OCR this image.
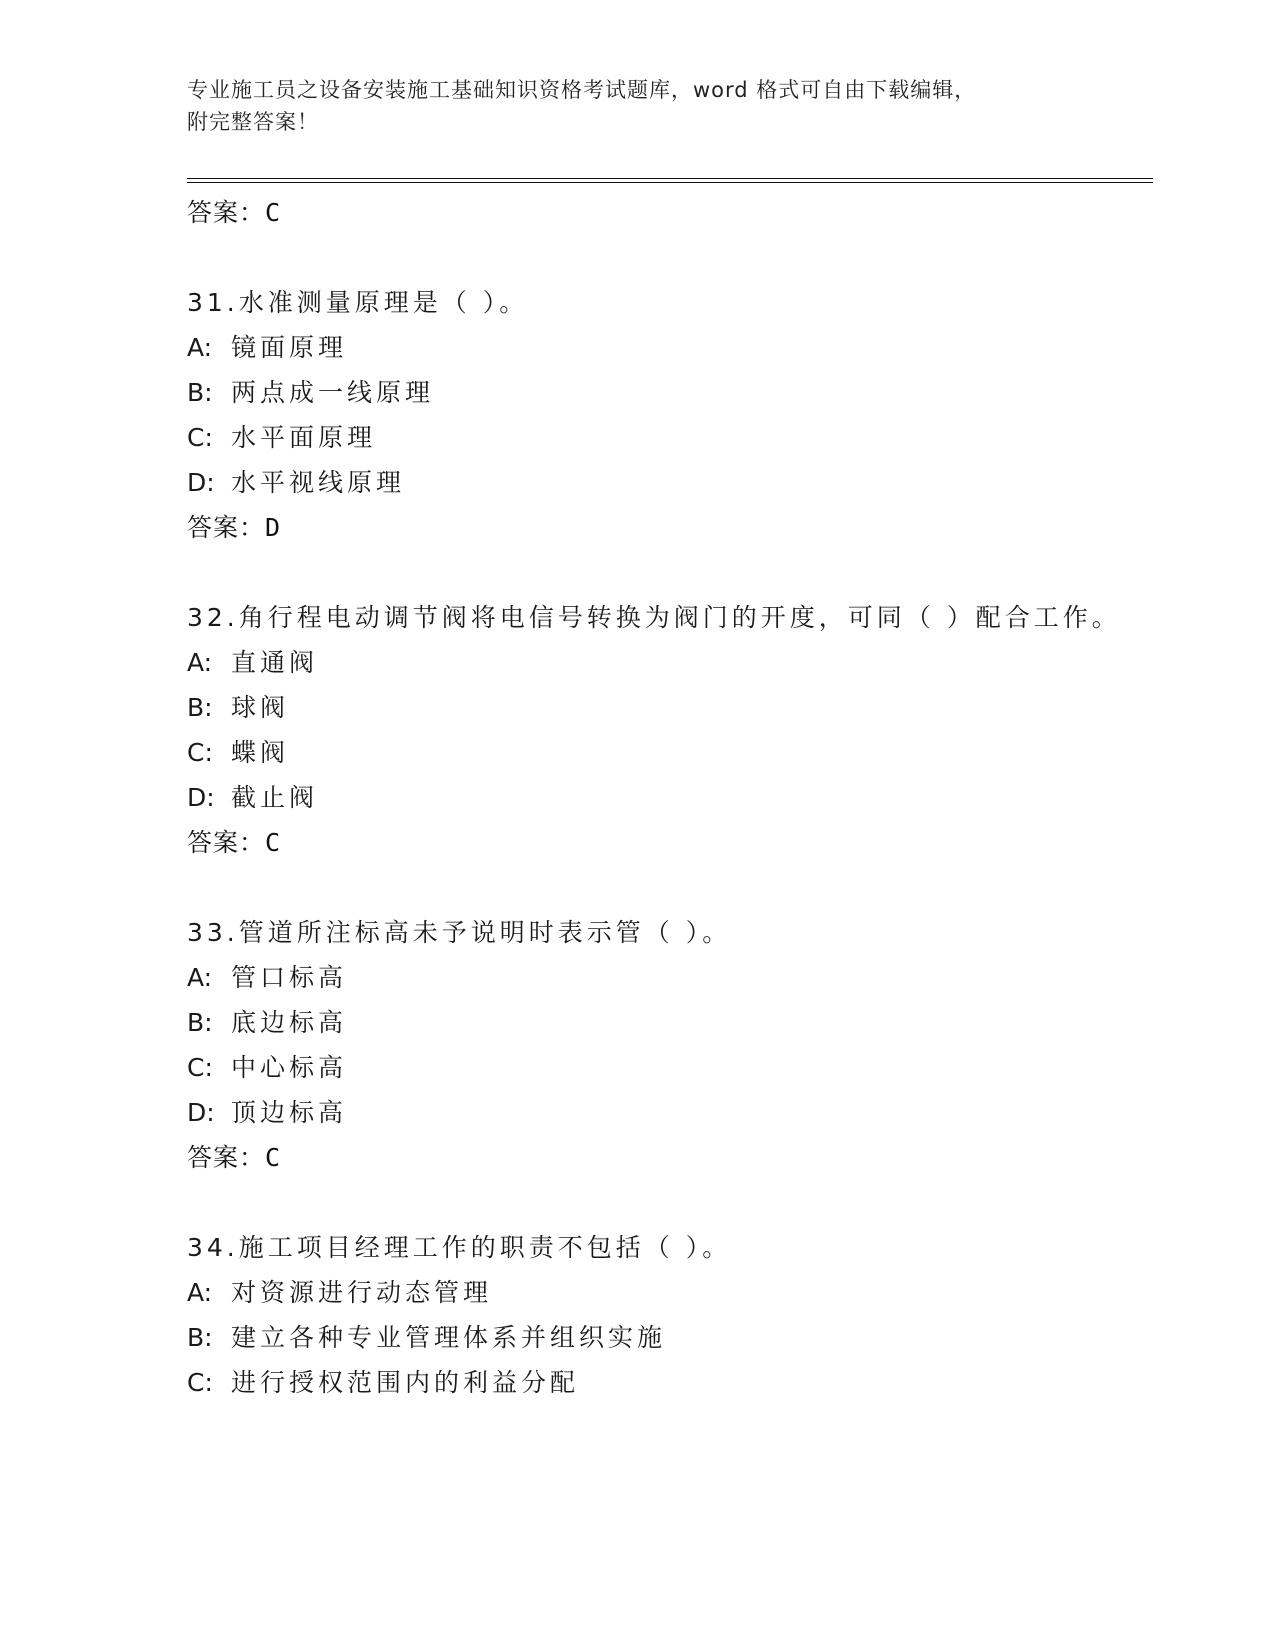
专业施工员之设备安装施工基础知识资格考试题库，word 格式可自由下载编辑，
附完整答案！
答案：C
31.水准测量原理是（ ）。
A: 镜面原理
B: 两点成一线原理
C: 水平面原理
D: 水平视线原理
答案：D
32.角行程电动调节阀将电信号转换为阀门的开度，可同（ ）配合工作。
A: 直通阀
B: 球阀
C: 蝶阀
D: 截止阀
答案：C
33.管道所注标高未予说明时表示管（ ）。
A: 管口标高
B: 底边标高
C: 中心标高
D: 顶边标高
答案：C
34.施工项目经理工作的职责不包括（ ）。
A: 对资源进行动态管理
B: 建立各种专业管理体系并组织实施
C: 进行授权范围内的利益分配
